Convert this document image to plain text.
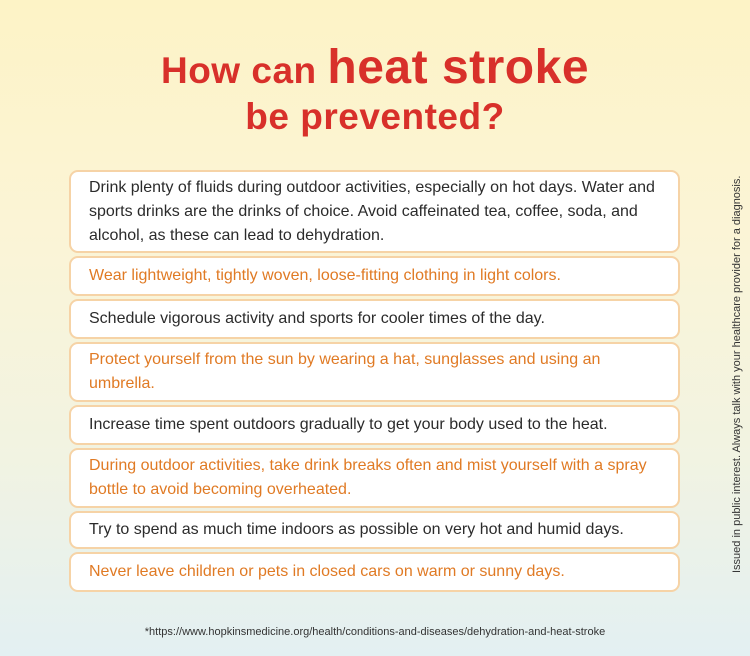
How can heat stroke
be prevented?
Drink plenty of fluids during outdoor activities, especially on hot days. Water and sports drinks are the drinks of choice. Avoid caffeinated tea, coffee, soda, and alcohol, as these can lead to dehydration.
Wear lightweight, tightly woven, loose-fitting clothing in light colors.
Schedule vigorous activity and sports for cooler times of the day.
Protect yourself from the sun by wearing a hat, sunglasses and using an umbrella.
Increase time spent outdoors gradually to get your body used to the heat.
During outdoor activities, take drink breaks often and mist yourself with a spray bottle to avoid becoming overheated.
Try to spend as much time indoors as possible on very hot and humid days.
Never leave children or pets in closed cars on warm or sunny days.	Issued in public interest. Always talk with your healthcare provider for a diagnosis.
*https://www.hopkinsmedicine.org/health/conditions-and-diseases/dehydration-and-heat-stroke
